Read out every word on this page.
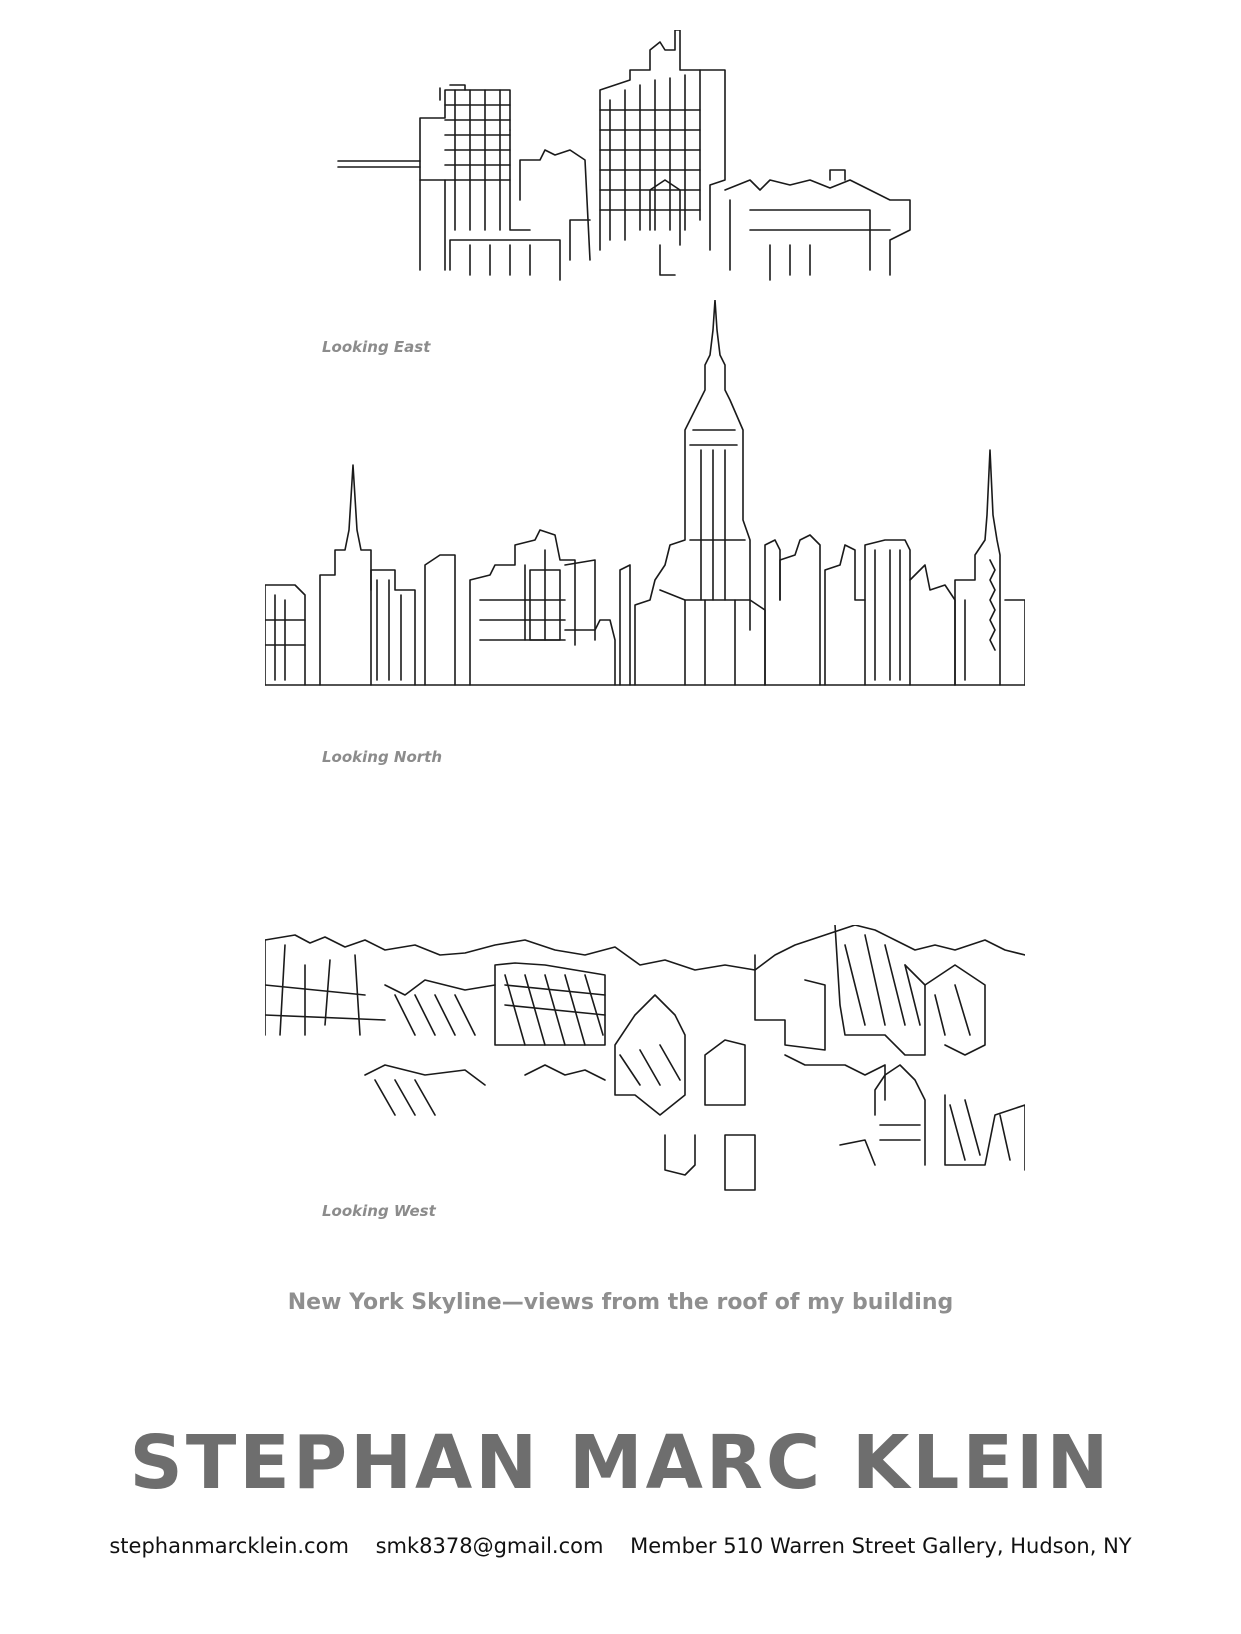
Looking East
Looking North
Looking West
New York Skyline—views from the roof of my building
STEPHAN MARC KLEIN
stephanmarcklein.com smk8378@gmail.com Member 510 Warren Street Gallery, Hudson, NY
